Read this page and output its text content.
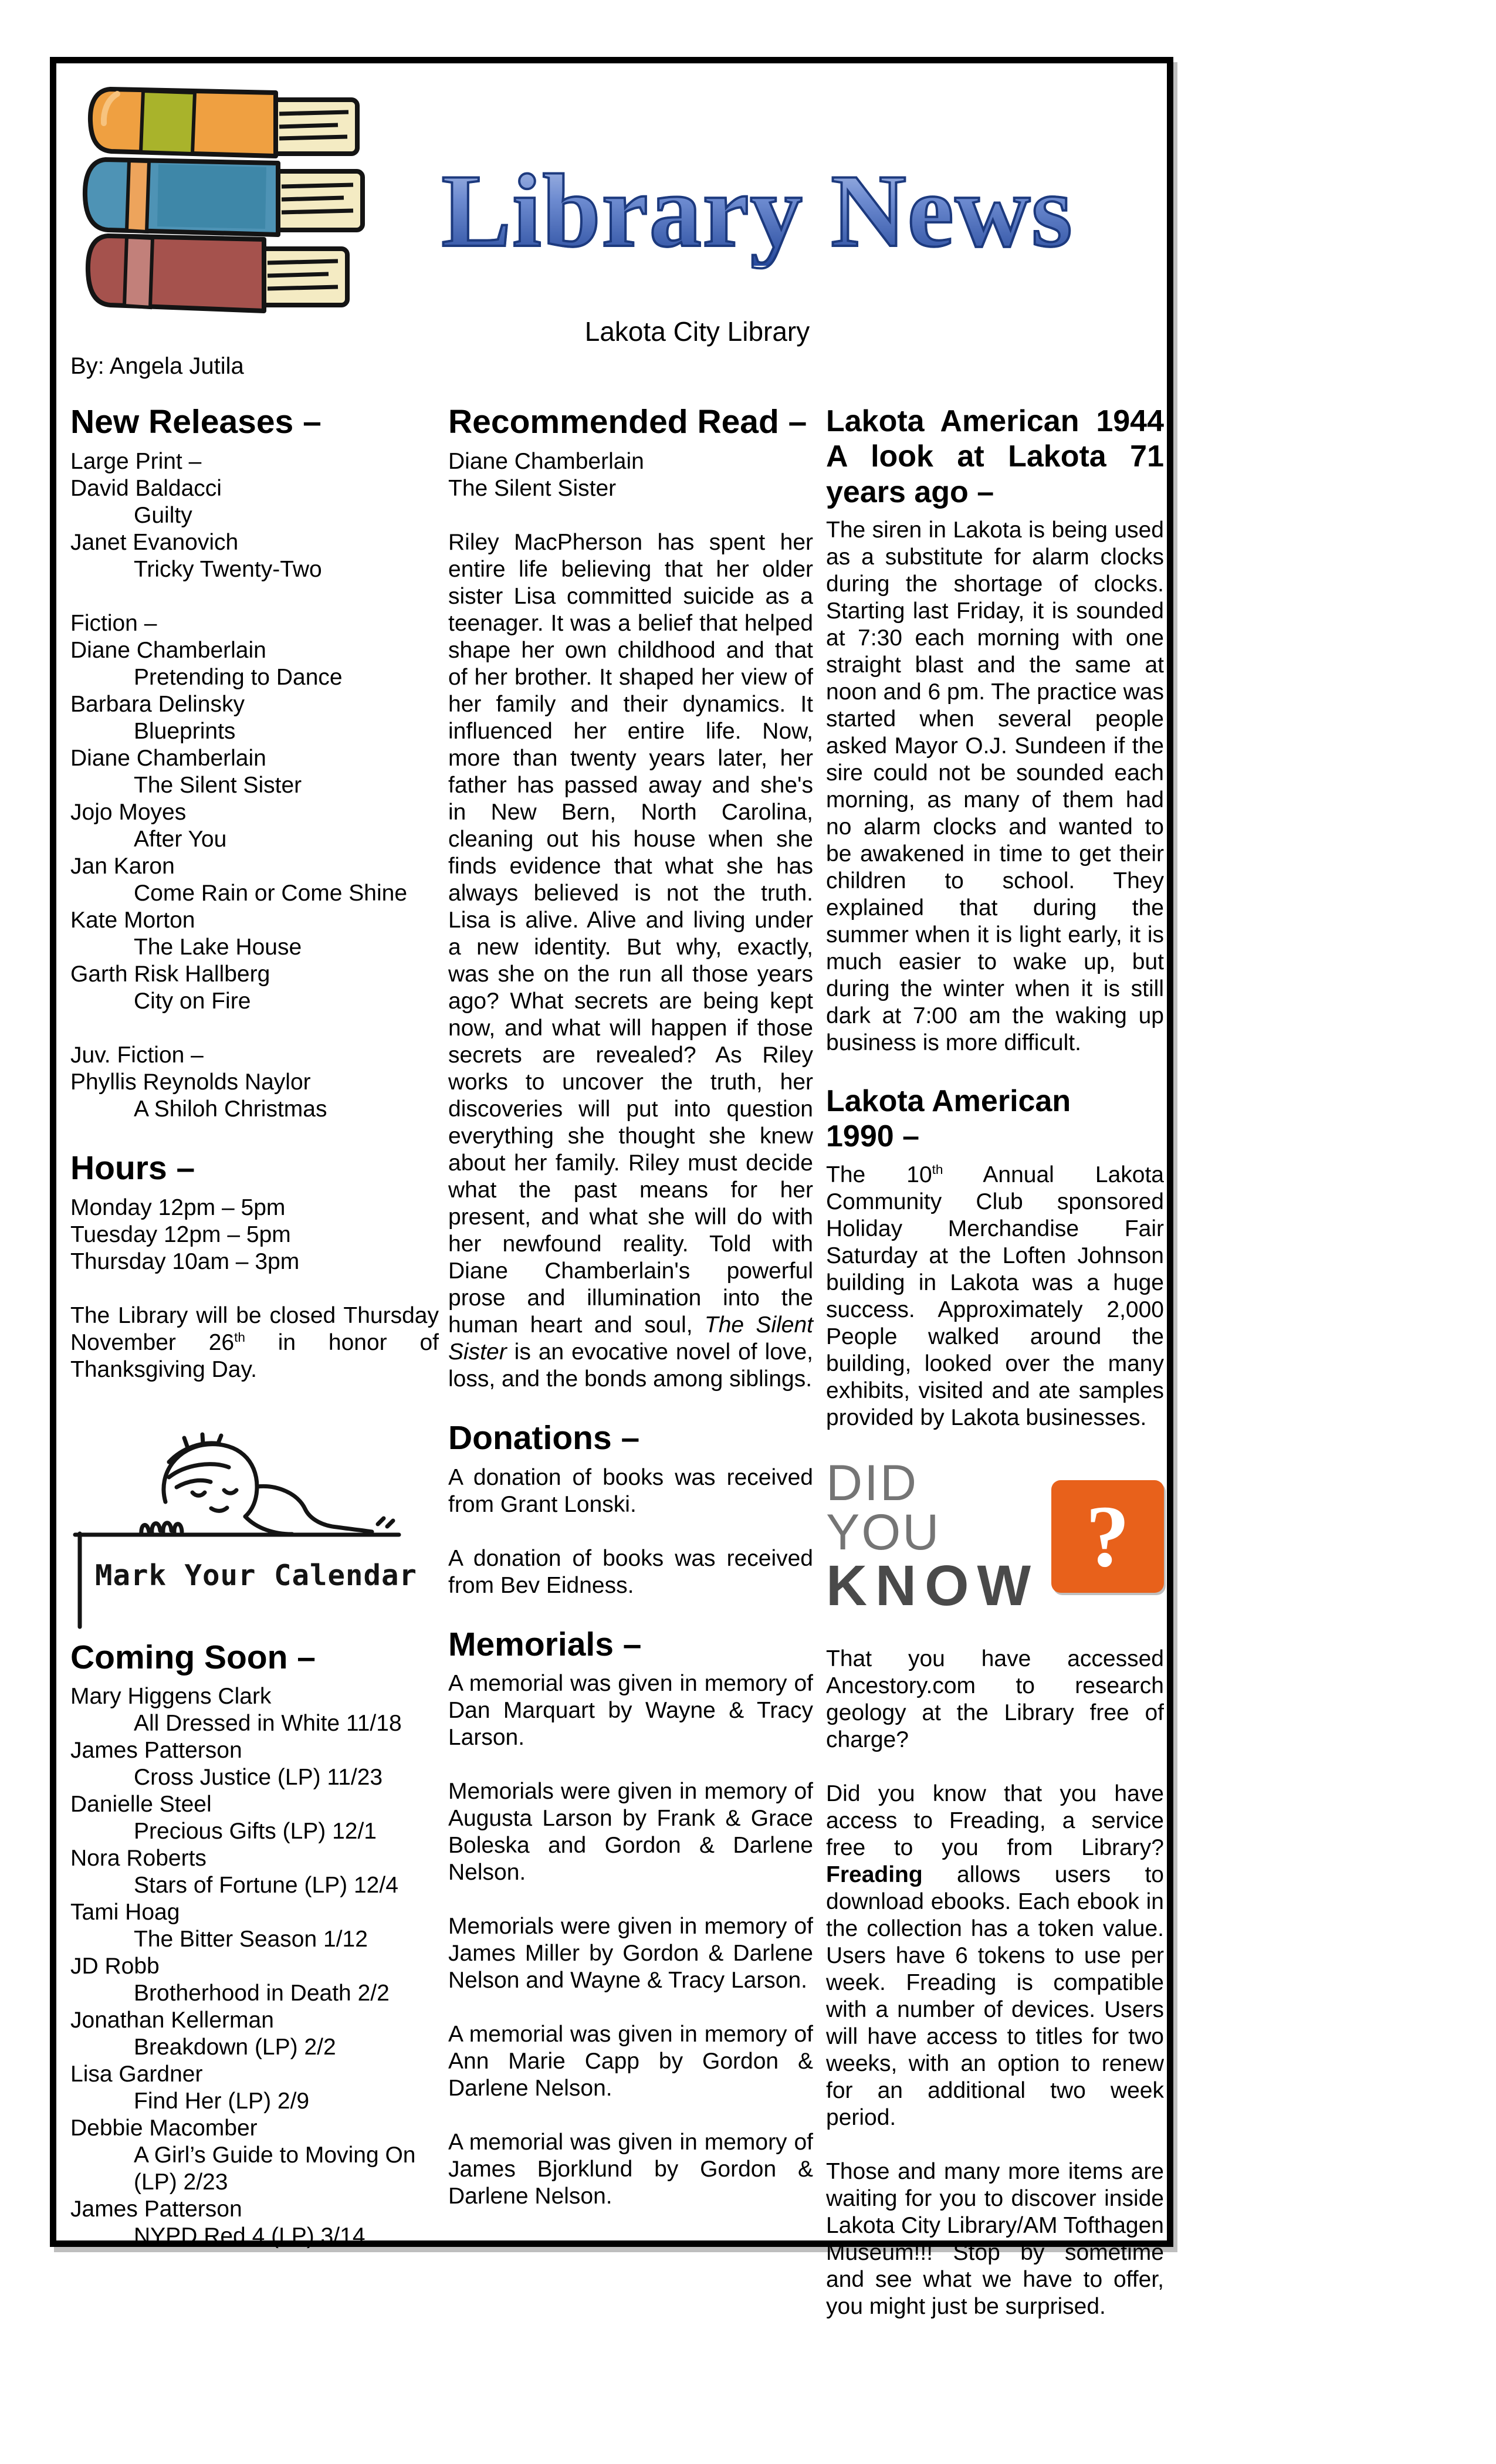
Library News
Lakota City Library
By: Angela Jutila
New Releases –
Large Print –
David Baldacci
Guilty
Janet Evanovich
Tricky Twenty-Two
Fiction –
Diane Chamberlain
Pretending to Dance
Barbara Delinsky
Blueprints
Diane Chamberlain
The Silent Sister
Jojo Moyes
After You
Jan Karon
Come Rain or Come Shine
Kate Morton
The Lake House
Garth Risk Hallberg
City on Fire
Juv. Fiction –
Phyllis Reynolds Naylor
A Shiloh Christmas
Hours –
Monday 12pm – 5pm
Tuesday 12pm – 5pm
Thursday 10am – 3pm
The Library will be closed Thursday November 26th in honor of Thanksgiving Day.
Mark Your Calendar
Coming Soon –
Mary Higgens Clark
All Dressed in White 11/18
James Patterson
Cross Justice (LP) 11/23
Danielle Steel
Precious Gifts (LP) 12/1
Nora Roberts
Stars of Fortune (LP) 12/4
Tami Hoag
The Bitter Season 1/12
JD Robb
Brotherhood in Death 2/2
Jonathan Kellerman
Breakdown (LP) 2/2
Lisa Gardner
Find Her (LP) 2/9
Debbie Macomber
A Girl’s Guide to Moving On (LP) 2/23
James Patterson
NYPD Red 4 (LP) 3/14
Recommended Read –
Diane Chamberlain
The Silent Sister
Riley MacPherson has spent her entire life believing that her older sister Lisa committed suicide as a teenager. It was a belief that helped shape her own childhood and that of her brother. It shaped her view of her family and their dynamics. It influenced her entire life. Now, more than twenty years later, her father has passed away and she's in New Bern, North Carolina, cleaning out his house when she finds evidence that what she has always believed is not the truth. Lisa is alive. Alive and living under a new identity. But why, exactly, was she on the run all those years ago? What secrets are being kept now, and what will happen if those secrets are revealed? As Riley works to uncover the truth, her discoveries will put into question everything she thought she knew about her family. Riley must decide what the past means for her present, and what she will do with her newfound reality. Told with Diane Chamberlain's powerful prose and illumination into the human heart and soul, The Silent Sister is an evocative novel of love, loss, and the bonds among siblings.
Donations –
A donation of books was received from Grant Lonski.
A donation of books was received from Bev Eidness.
Memorials –
A memorial was given in memory of Dan Marquart by Wayne & Tracy Larson.
Memorials were given in memory of Augusta Larson by Frank & Grace Boleska and Gordon & Darlene Nelson.
Memorials were given in memory of James Miller by Gordon & Darlene Nelson and Wayne & Tracy Larson.
A memorial was given in memory of Ann Marie Capp by Gordon & Darlene Nelson.
A memorial was given in memory of James Bjorklund by Gordon & Darlene Nelson.
Lakota American 1944
A look at Lakota 71
years ago –
The siren in Lakota is being used as a substitute for alarm clocks during the shortage of clocks. Starting last Friday, it is sounded at 7:30 each morning with one straight blast and the same at noon and 6 pm. The practice was started when several people asked Mayor O.J. Sundeen if the sire could not be sounded each morning, as many of them had no alarm clocks and wanted to be awakened in time to get their children to school. They explained that during the summer when it is light early, it is much easier to wake up, but during the winter when it is still dark at 7:00 am the waking up business is more difficult.
Lakota American
1990 –
The 10th Annual Lakota Community Club sponsored Holiday Merchandise Fair Saturday at the Loften Johnson building in Lakota was a huge success. Approximately 2,000 People walked around the building, looked over the many exhibits, visited and ate samples provided by Lakota businesses.
DID YOU
KNOW
?
That you have accessed Ancestory.com to research geology at the Library free of charge?
Did you know that you have access to Freading, a service free to you from Library? Freading allows users to download ebooks. Each ebook in the collection has a token value. Users have 6 tokens to use per week. Freading is compatible with a number of devices. Users will have access to titles for two weeks, with an option to renew for an additional two week period.
Those and many more items are waiting for you to discover inside Lakota City Library/AM Tofthagen Museum!!! Stop by sometime and see what we have to offer, you might just be surprised.
